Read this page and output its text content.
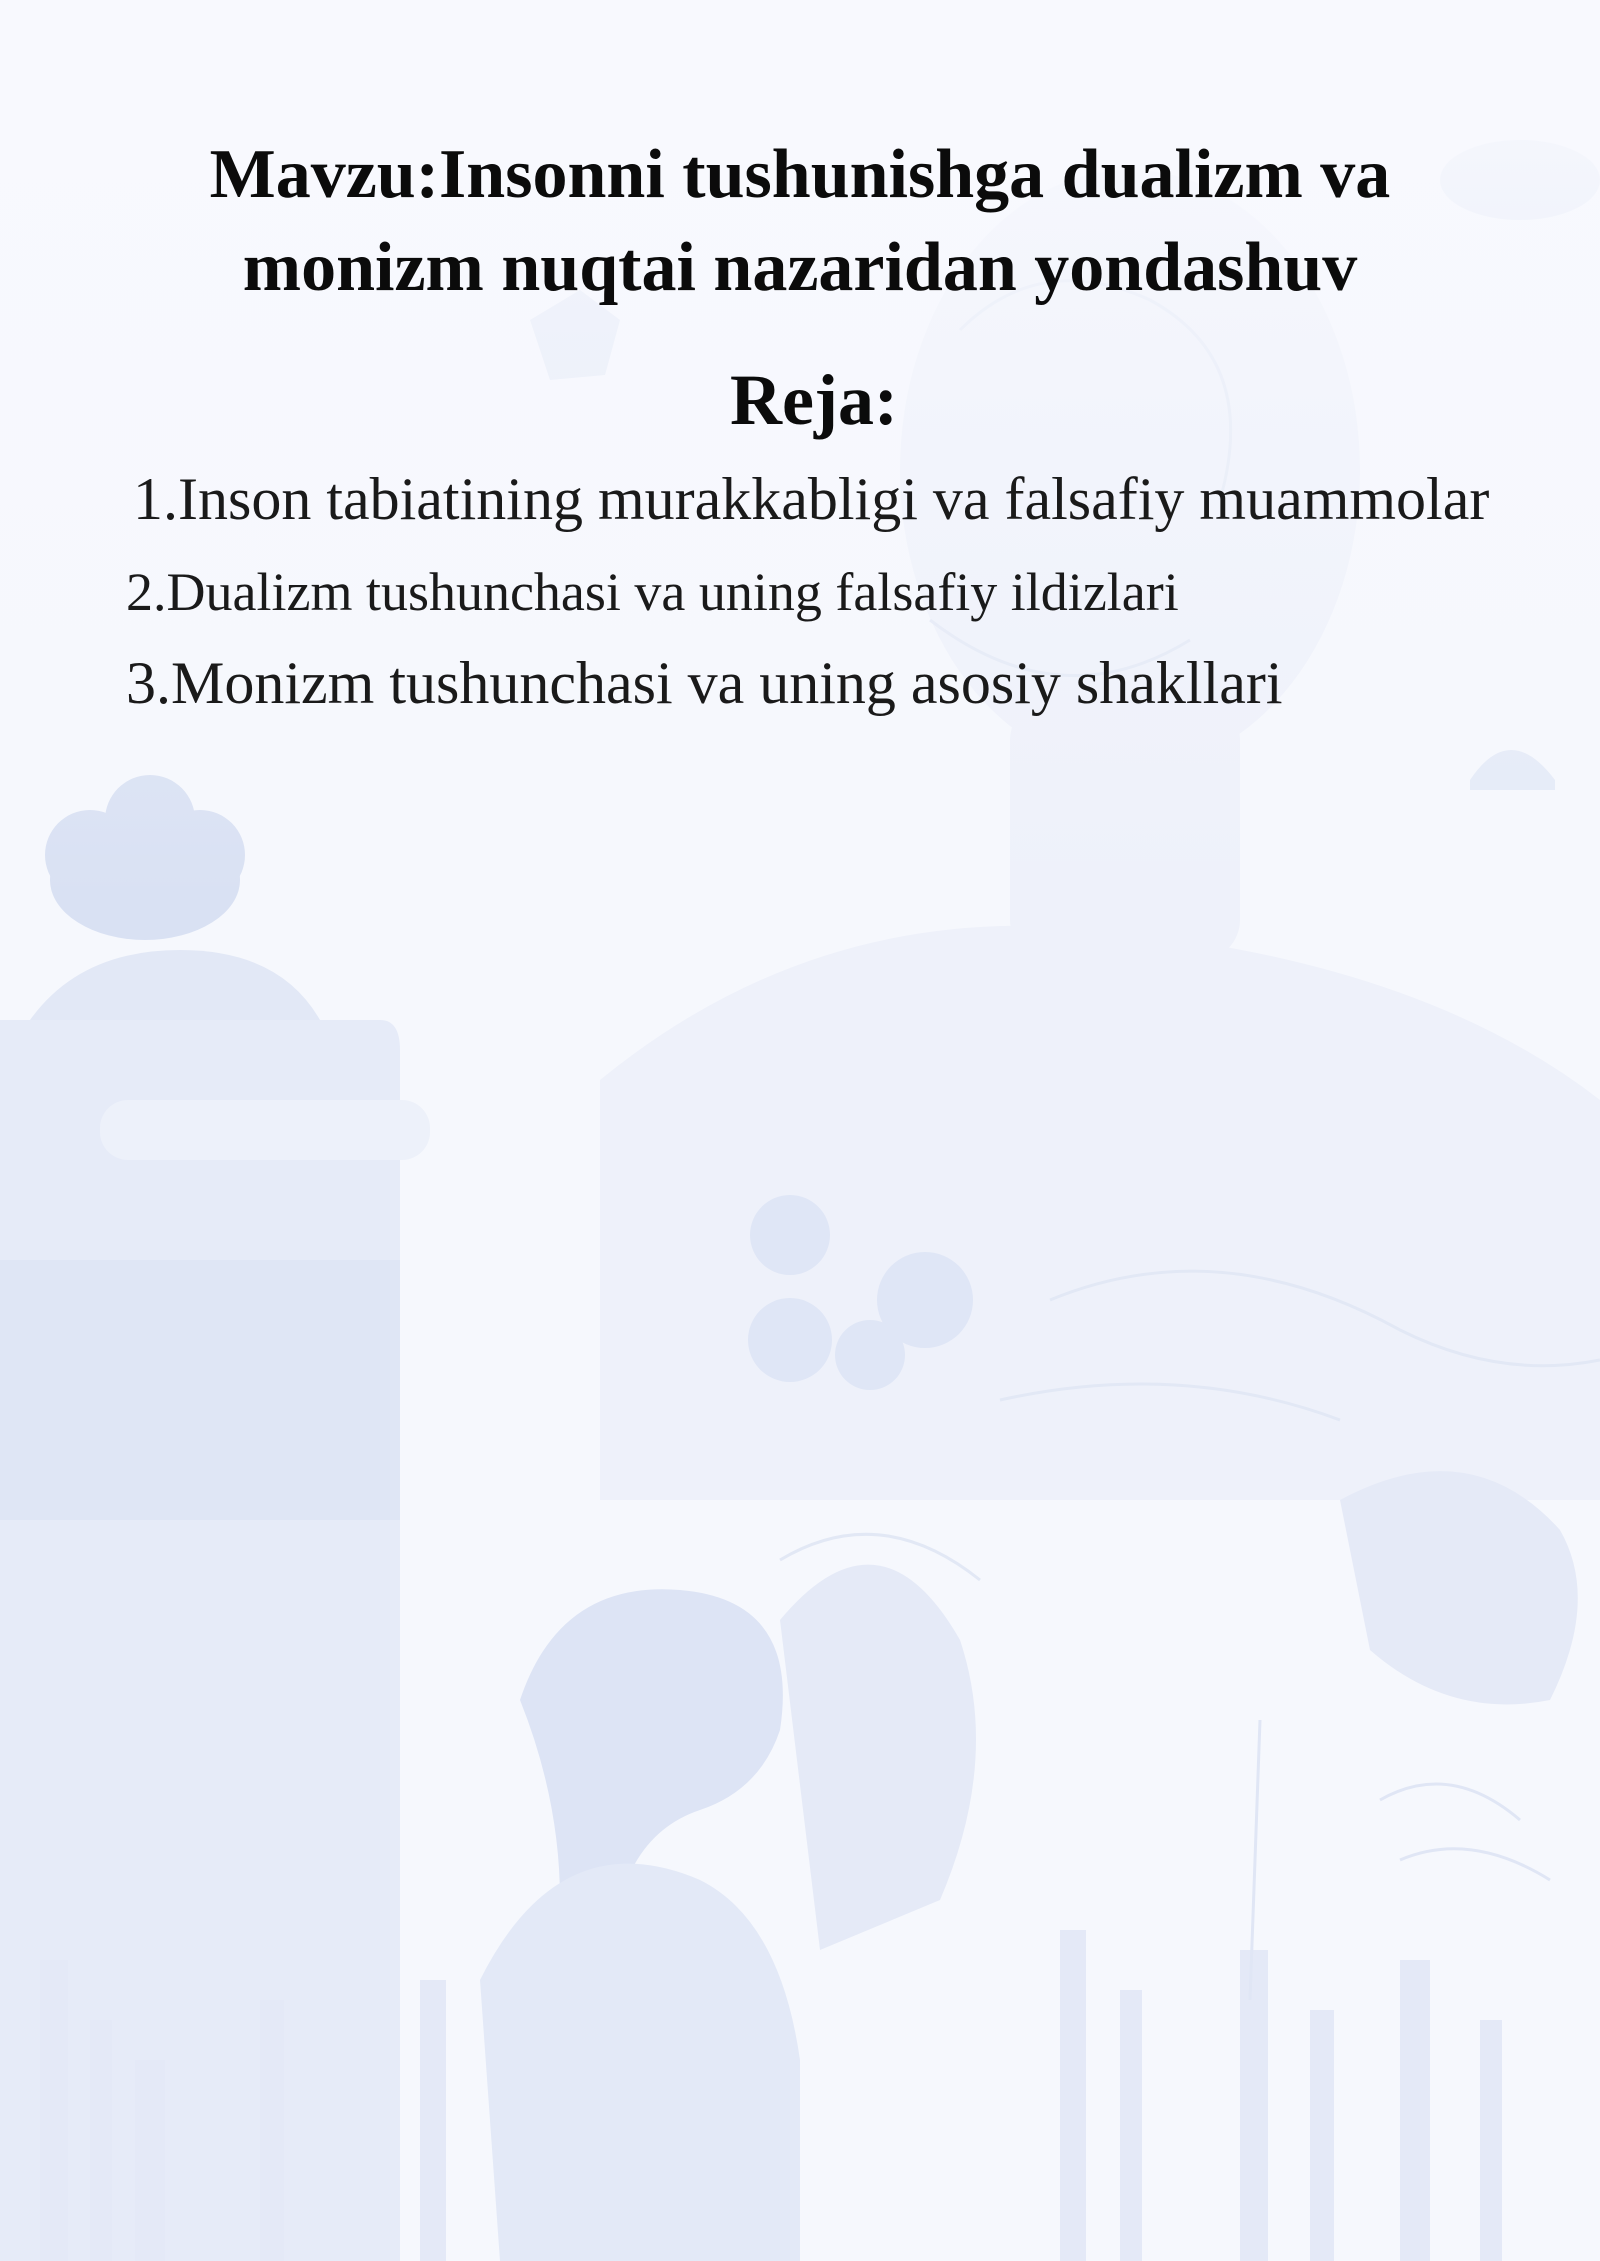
Mavzu:Insonni tushunishga dualizm va
monizm nuqtai nazaridan yondashuv
Reja:
1.Inson tabiatining murakkabligi va falsafiy muammolar
2.Dualizm tushunchasi va uning falsafiy ildizlari
3.Monizm tushunchasi va uning asosiy shakllari
